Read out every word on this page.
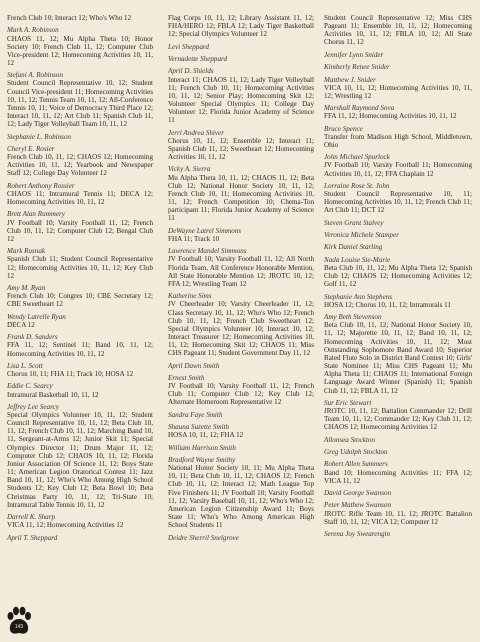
French Club 10; Interact 12; Who's Who 12
Mark A. Robinson
CHAOS 11, 12; Mu Alpha Theta 10; Honor Society 10; French Club 11, 12; Computer Club Vice-president 12; Homecoming Activities 10, 11, 12
Stefani A. Robinson
Student Council Representative 10, 12; Student Council Vice-president 11; Homecoming Activities 10, 11, 12; Tennis Team 10, 11, 12; All-Conference Tennis 10, 11; Voice of Democracy Third Place 12; Interact 10, 11, 12; Art Club 11; Spanish Club 11, 12; Lady Tiger Volleyball Team 10, 11, 12
Stephanie L. Robinson
Cheryl E. Rosier
French Club 10, 11, 12; CHAOS 12; Homecoming Activities 10, 11, 12; Yearbook and Newspaper Staff 12; College Day Volunteer 12
Robert Anthony Rossier
CHAOS 11; Intramural Tennis 11; DECA 12; Homecoming Activities 10, 11, 12
Brett Alan Rummery
JV Football 10; Varsity Football 11, 12; French Club 10, 11, 12; Computer Club 12; Bengal Club 12
Mark Rusnak
Spanish Club 11; Student Council Representative 12; Homecoming Activities 10, 11, 12; Key Club 12
Amy M. Ryan
French Club 10; Congres 10; CBE Secretary 12; CBE Sweetheart 12
Wendy Latrelle Ryan
DECA 12
Frank D. Sanders
FFA 11, 12; Sentinel 11; Band 10, 11, 12; Homecoming Activities 10, 11, 12
Lisa L. Scott
Chorus 10, 11; FHA 11; Track 10; HOSA 12
Eddie C. Searcy
Intramural Basketball 10, 11, 12
Jeffrey Lee Searcy
Special Olympics Volunteer 10, 11, 12; Student Council Representative 10, 11, 12; Beta Club 10, 11, 12; French Club 10, 11, 12; Marching Band 10, 11, Sergeant-at-Arms 12; Junior Skit 11; Special Olympics Director 11; Drum Major 11, 12; Computer Club 12; CHAOS 10, 11, 12; Florida Junior Association Of Science 11, 12; Boys State 11; American Legion Oratorical Contest 11; Jazz Band 10, 11, 12; Who's Who Among High School Students 12; Key Club 12; Beta Bowl 10; Beta Christmas Party 10, 11, 12; Tri-State 10; Intramural Table Tennis 10, 11, 12
Darrell K. Sharp
VICA 11, 12; Homecoming Activities 12
April T. Sheppard
Flag Corps 10, 11, 12; Library Assistant 11, 12; FHA/HERO 12; FBLA 12; Lady Tiger Basketball 12; Special Olympics Volunteer 12
Levi Sheppard
Vernadette Sheppard
April D. Shields
Interact 11; CHAOS 11, 12; Lady Tiger Volleyball 11; French Club 10, 11; Homecoming Activities 10, 11, 12; Senior Play; Homecoming Skit 12; Volunteer Special Olympics 11; College Day Volunteer 12; Florida Junior Academy of Science 11
Jerri Andrea Shiver
Chorus 10, 11, 12; Ensemble 12; Interact 11; Spanish Club 11, 12; Sweetheart 12; Homecoming Activities 10, 11, 12
Vicky A. Sierra
Mu Alpha Theta 10, 11, 12; CHAOS 11, 12; Beta Club 12; National Honor Society 10, 11, 12; French Club 10, 11; Homecoming Activities 10, 11, 12; French Competition 10; Chema-Ton participant 11; Florida Junior Academy of Science 11
DeWayne Latrel Simmons
FHA 11; Track 10
Lawrence Mandel Simmons
JV Football 10; Varsity Football 11, 12; All North Florida Team, All Conference Honorable Mention, All State Honorable Mention 12; JROTC 10, 12; FFA 12; Wrestling Team 12
Katherine Sims
JV Cheerleader 10; Varsity Cheerleader 11, 12; Class Secretary 10, 11, 12; Who's Who 12; French Club 10, 11, 12; French Club Sweetheart 12; Special Olympics Volunteer 10; Interact 10, 12; Interact Treasurer 12; Homecoming Activities 10, 11, 12; Homecoming Skit 12; CHAOS 11; Miss CHS Pageant 11; Student Government Day 11, 12
April Dawn Smith
Ernest Smith
JV Football 10; Varsity Football 11, 12; French Club 11; Computer Club 12; Key Club 12; Alternate Homeroom Representative 12
Sandra Faye Smith
Shauna Suzette Smith
HOSA 10, 11, 12; FHA 12
William Harrison Smith
Bradford Wayne Smithy
National Honor Society 10, 11; Mu Alpha Theta 10, 11; Beta Club 10, 11, 12; CHAOS 12; French Club 10, 11, 12; Interact 12; Math League Top Five Finishers 11; JV Football 10; Varsity Football 11, 12; Varsity Baseball 10, 11, 12; Who's Who 12; American Legion Citizenship Award 11; Boys State 11; Who's Who Among American High School Students 11
Deidre Sherril Snelgrove
Student Council Representative 12; Miss CHS Pageant 11; Ensemble 10, 11, 12; Homecoming Activities 10, 11, 12; FBLA 10, 12; All State Chorus 11, 12
Jennifer Lynn Snider
Kimberly Renee Snider
Matthew J. Snider
VICA 10, 11, 12; Homecoming Activities 10, 11, 12; Wrestling 12
Marshall Raymond Sova
FFA 11, 12; Homecoming Activities 10, 11, 12
Bruce Spence
Transfer from Madison High School, Middletown, Ohio
John Michael Spurlock
JV Football 10; Varsity Football 11; Homecoming Activities 10, 11, 12; FFA Chaplain 12
Lorraine Rose St. John
Student Council Representative 10, 11; Homecoming Activities 10, 11, 12; French Club 11; Art Club 11; DCT 12
Steven Grant Stalvey
Veronica Michele Stamper
Kirk Daniel Starling
Nada Louise Ste-Marie
Beta Club 10, 11, 12; Mu Alpha Theta 12; Spanish Club 12; CHAOS 12; Homecoming Activities 12; Golf 11, 12
Stephanie Ann Stephens
HOSA 12; Chorus 10, 11, 12; Intramurals 11
Amy Beth Stevenson
Beta Club 10, 11, 12; National Honor Society 10, 11, 12; Majorette 10, 11, 12; Band 10, 11, 12; Homecoming Activities 10, 11, 12; Most Outstanding Sophomore Band Award 10; Superior Rated Flute Solo in District Band Contest 10; Girls' State Nominee 11; Miss CHS Pageant 11; Mu Alpha Theta 11; CHAOS 11; International Foreign Language Award Winner (Spanish) 11; Spanish Club 11, 12; FBLA 11, 12
Sur Eric Stewart
JROTC 10, 11, 12; Battalion Commander 12; Drill Team 10, 11, 12; Commander 12; Key Club 11, 12; CHAOS 12; Homecoming Activities 12
Allonsea Stockton
Greg Udolph Stockton
Robert Allen Summers
Band 10; Homecoming Activities 11; FFA 12; VICA 11, 12
David George Swanson
Peter Mathew Swanson
JROTC Rifle Team 10, 11, 12; JROTC Battalion Staff 10, 11, 12; VICA 12; Computer 12
Serena Joy Swearengin
143
